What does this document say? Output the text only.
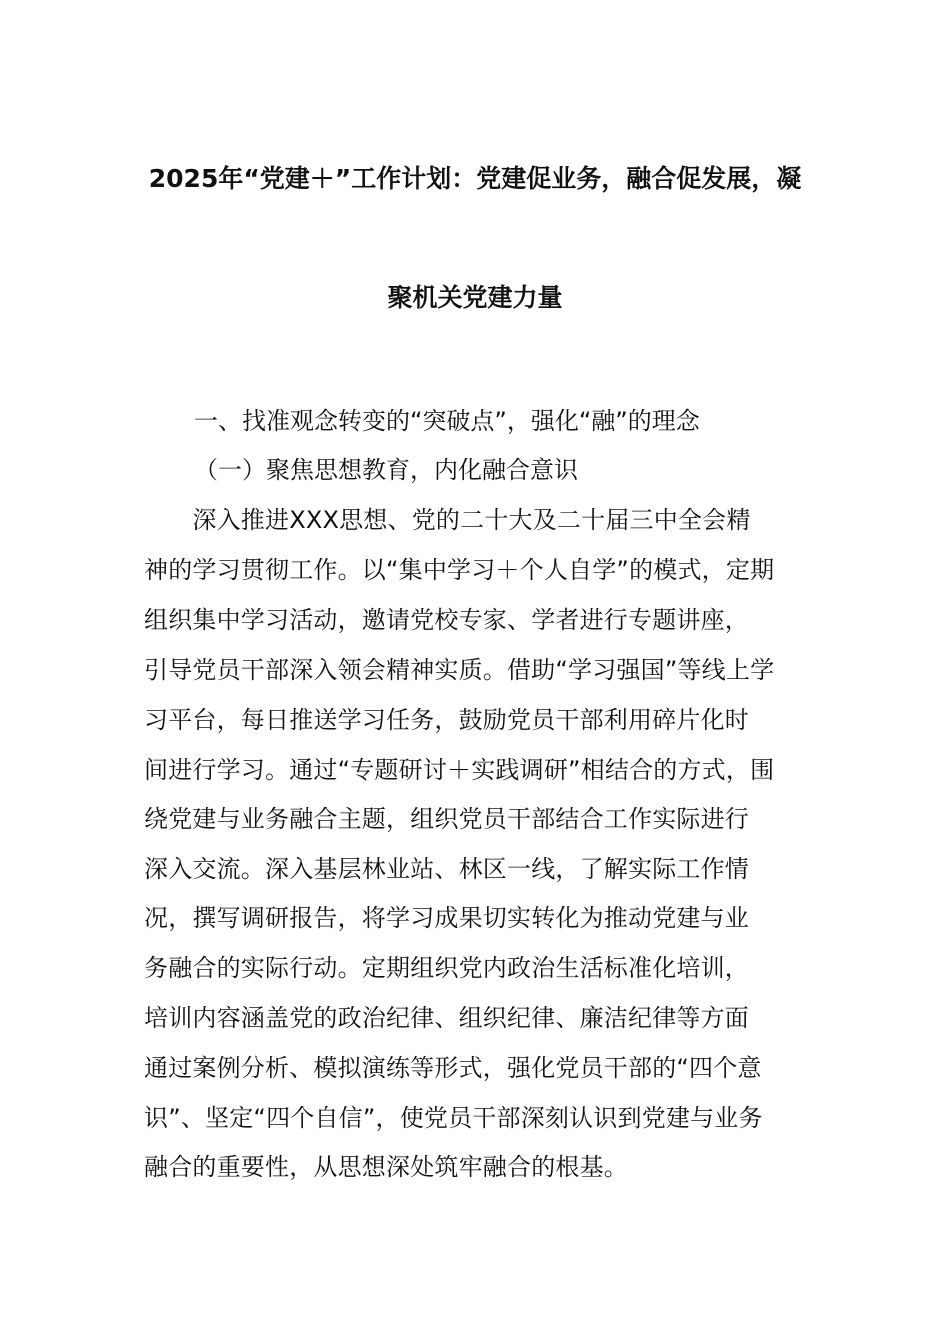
2025年“党建＋”工作计划：党建促业务，融合促发展，凝
聚机关党建力量
一、找准观念转变的“突破点”，强化“融”的理念
（一）聚焦思想教育，内化融合意识
　　深入推进XXX思想、党的二十大及二十届三中全会精
神的学习贯彻工作。以“集中学习＋个人自学”的模式，定期
组织集中学习活动，邀请党校专家、学者进行专题讲座，
引导党员干部深入领会精神实质。借助“学习强国”等线上学
习平台，每日推送学习任务，鼓励党员干部利用碎片化时
间进行学习。通过“专题研讨＋实践调研”相结合的方式，围
绕党建与业务融合主题，组织党员干部结合工作实际进行
深入交流。深入基层林业站、林区一线，了解实际工作情
况，撰写调研报告，将学习成果切实转化为推动党建与业
务融合的实际行动。定期组织党内政治生活标准化培训，
培训内容涵盖党的政治纪律、组织纪律、廉洁纪律等方面
通过案例分析、模拟演练等形式，强化党员干部的“四个意
识”、坚定“四个自信”，使党员干部深刻认识到党建与业务
融合的重要性，从思想深处筑牢融合的根基。
